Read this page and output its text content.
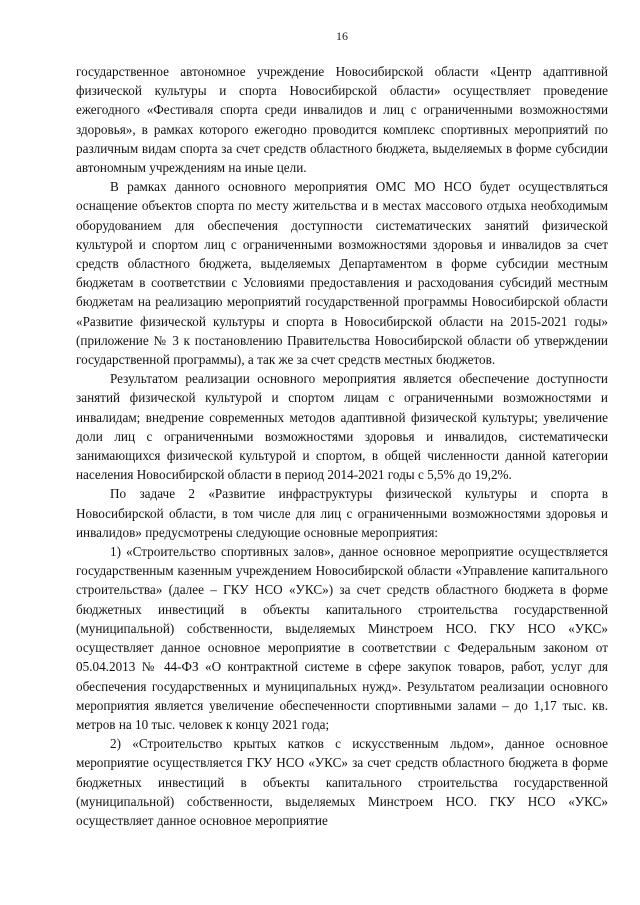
16

государственное автономное учреждение Новосибирской области «Центр адаптивной физической культуры и спорта Новосибирской области» осуществляет проведение ежегодного «Фестиваля спорта среди инвалидов и лиц с ограниченными возможностями здоровья», в рамках которого ежегодно проводится комплекс спортивных мероприятий по различным видам спорта за счет средств областного бюджета, выделяемых в форме субсидии автономным учреждениям на иные цели.

В рамках данного основного мероприятия ОМС МО НСО будет осуществляться оснащение объектов спорта по месту жительства и в местах массового отдыха необходимым оборудованием для обеспечения доступности систематических занятий физической культурой и спортом лиц с ограниченными возможностями здоровья и инвалидов за счет средств областного бюджета, выделяемых Департаментом в форме субсидии местным бюджетам в соответствии с Условиями предоставления и расходования субсидий местным бюджетам на реализацию мероприятий государственной программы Новосибирской области «Развитие физической культуры и спорта в Новосибирской области на 2015-2021 годы» (приложение № 3 к постановлению Правительства Новосибирской области об утверждении государственной программы), а так же за счет средств местных бюджетов.

Результатом реализации основного мероприятия является обеспечение доступности занятий физической культурой и спортом лицам с ограниченными возможностями и инвалидам; внедрение современных методов адаптивной физической культуры; увеличение доли лиц с ограниченными возможностями здоровья и инвалидов, систематически занимающихся физической культурой и спортом, в общей численности данной категории населения Новосибирской области в период 2014-2021 годы с 5,5% до 19,2%.

По задаче 2 «Развитие инфраструктуры физической культуры и спорта в Новосибирской области, в том числе для лиц с ограниченными возможностями здоровья и инвалидов» предусмотрены следующие основные мероприятия:

1) «Строительство спортивных залов», данное основное мероприятие осуществляется государственным казенным учреждением Новосибирской области «Управление капитального строительства» (далее – ГКУ НСО «УКС») за счет средств областного бюджета в форме бюджетных инвестиций в объекты капитального строительства государственной (муниципальной) собственности, выделяемых Минстроем НСО. ГКУ НСО «УКС» осуществляет данное основное мероприятие в соответствии с Федеральным законом от 05.04.2013 № 44-ФЗ «О контрактной системе в сфере закупок товаров, работ, услуг для обеспечения государственных и муниципальных нужд». Результатом реализации основного мероприятия является увеличение обеспеченности спортивными залами – до 1,17 тыс. кв. метров на 10 тыс. человек к концу 2021 года;

2) «Строительство крытых катков с искусственным льдом», данное основное мероприятие осуществляется ГКУ НСО «УКС» за счет средств областного бюджета в форме бюджетных инвестиций в объекты капитального строительства государственной (муниципальной) собственности, выделяемых Минстроем НСО. ГКУ НСО «УКС» осуществляет данное основное мероприятие
